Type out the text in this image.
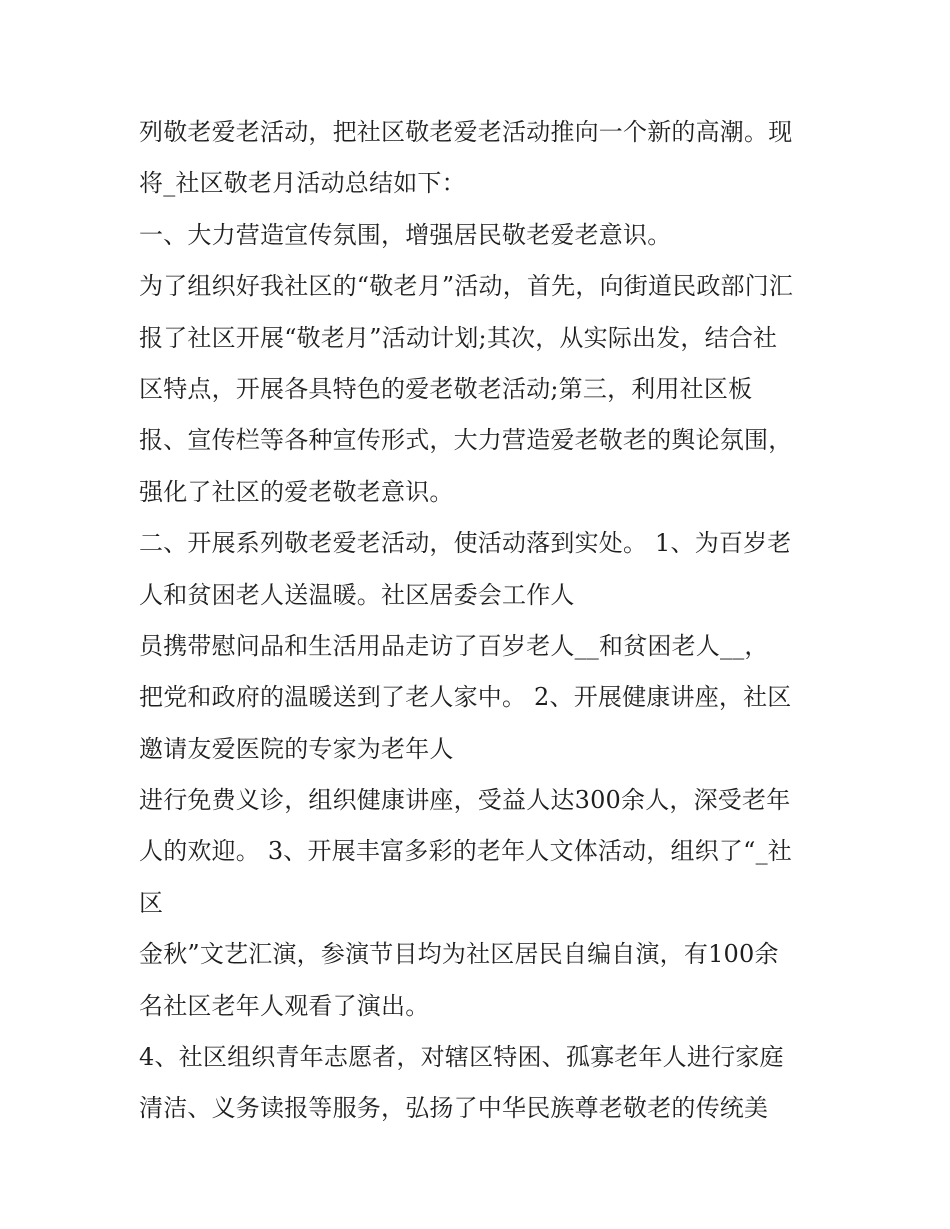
列敬老爱老活动，把社区敬老爱老活动推向一个新的高潮。现
将_社区敬老月活动总结如下：
一、大力营造宣传氛围，增强居民敬老爱老意识。
为了组织好我社区的“敬老月”活动，首先，向街道民政部门汇
报了社区开展“敬老月”活动计划;其次，从实际出发，结合社
区特点，开展各具特色的爱老敬老活动;第三，利用社区板
报、宣传栏等各种宣传形式，大力营造爱老敬老的舆论氛围，
强化了社区的爱老敬老意识。
二、开展系列敬老爱老活动，使活动落到实处。 1、为百岁老
人和贫困老人送温暖。社区居委会工作人
员携带慰问品和生活用品走访了百岁老人__和贫困老人__，
把党和政府的温暖送到了老人家中。 2、开展健康讲座，社区
邀请友爱医院的专家为老年人
进行免费义诊，组织健康讲座，受益人达300余人，深受老年
人的欢迎。 3、开展丰富多彩的老年人文体活动，组织了“_社
区
金秋”文艺汇演，参演节目均为社区居民自编自演，有100余
名社区老年人观看了演出。
4、社区组织青年志愿者，对辖区特困、孤寡老年人进行家庭
清洁、义务读报等服务，弘扬了中华民族尊老敬老的传统美
